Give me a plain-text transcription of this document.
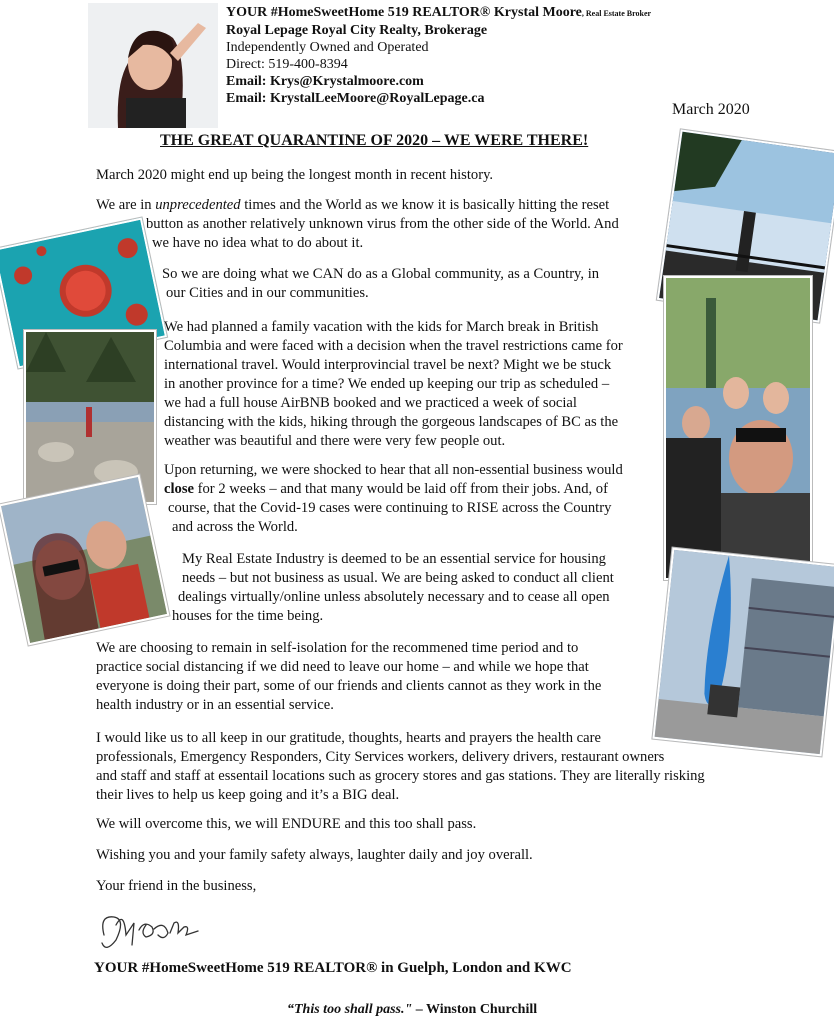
YOUR #HomeSweetHome 519 REALTOR® Krystal Moore, Real Estate Broker
Royal Lepage Royal City Realty, Brokerage
Independently Owned and Operated
Direct: 519-400-8394
Email: Krys@Krystalmoore.com
Email: KrystalLeeMoore@RoyalLepage.ca
March 2020
THE GREAT QUARANTINE OF 2020 – WE WERE THERE!

March 2020 might end up being the longest month in recent history.

We are in unprecedented times and the World as we know it is basically hitting the reset
button as another relatively unknown virus from the other side of the World. And
we have no idea what to do about it.

So we are doing what we CAN do as a Global community, as a Country, in
our Cities and in our communities.

We had planned a family vacation with the kids for March break in British
Columbia and were faced with a decision when the travel restrictions came for
international travel. Would interprovincial travel be next? Might we be stuck
in another province for a time? We ended up keeping our trip as scheduled –
we had a full house AirBNB booked and we practiced a week of social
distancing with the kids, hiking through the gorgeous landscapes of BC as the
weather was beautiful and there were very few people out.

Upon returning, we were shocked to hear that all non-essential business would
close for 2 weeks – and that many would be laid off from their jobs. And, of
course, that the Covid-19 cases were continuing to RISE across the Country
and across the World.

My Real Estate Industry is deemed to be an essential service for housing
needs – but not business as usual. We are being asked to conduct all client
dealings virtually/online unless absolutely necessary and to cease all open
houses for the time being.

We are choosing to remain in self-isolation for the recommened time period and to
practice social distancing if we did need to leave our home – and while we hope that
everyone is doing their part, some of our friends and clients cannot as they work in the
health industry or in an essential service.

I would like us to all keep in our gratitude, thoughts, hearts and prayers the health care
professionals, Emergency Responders, City Services workers, delivery drivers, restaurant owners
and staff and staff at essentail locations such as grocery stores and gas stations. They are literally risking
their lives to help us keep going and it’s a BIG deal.

We will overcome this, we will ENDURE and this too shall pass.

Wishing you and your family safety always, laughter daily and joy overall.

Your friend in the business,

YOUR #HomeSweetHome 519 REALTOR® in Guelph, London and KWC
“This too shall pass." – Winston Churchill
